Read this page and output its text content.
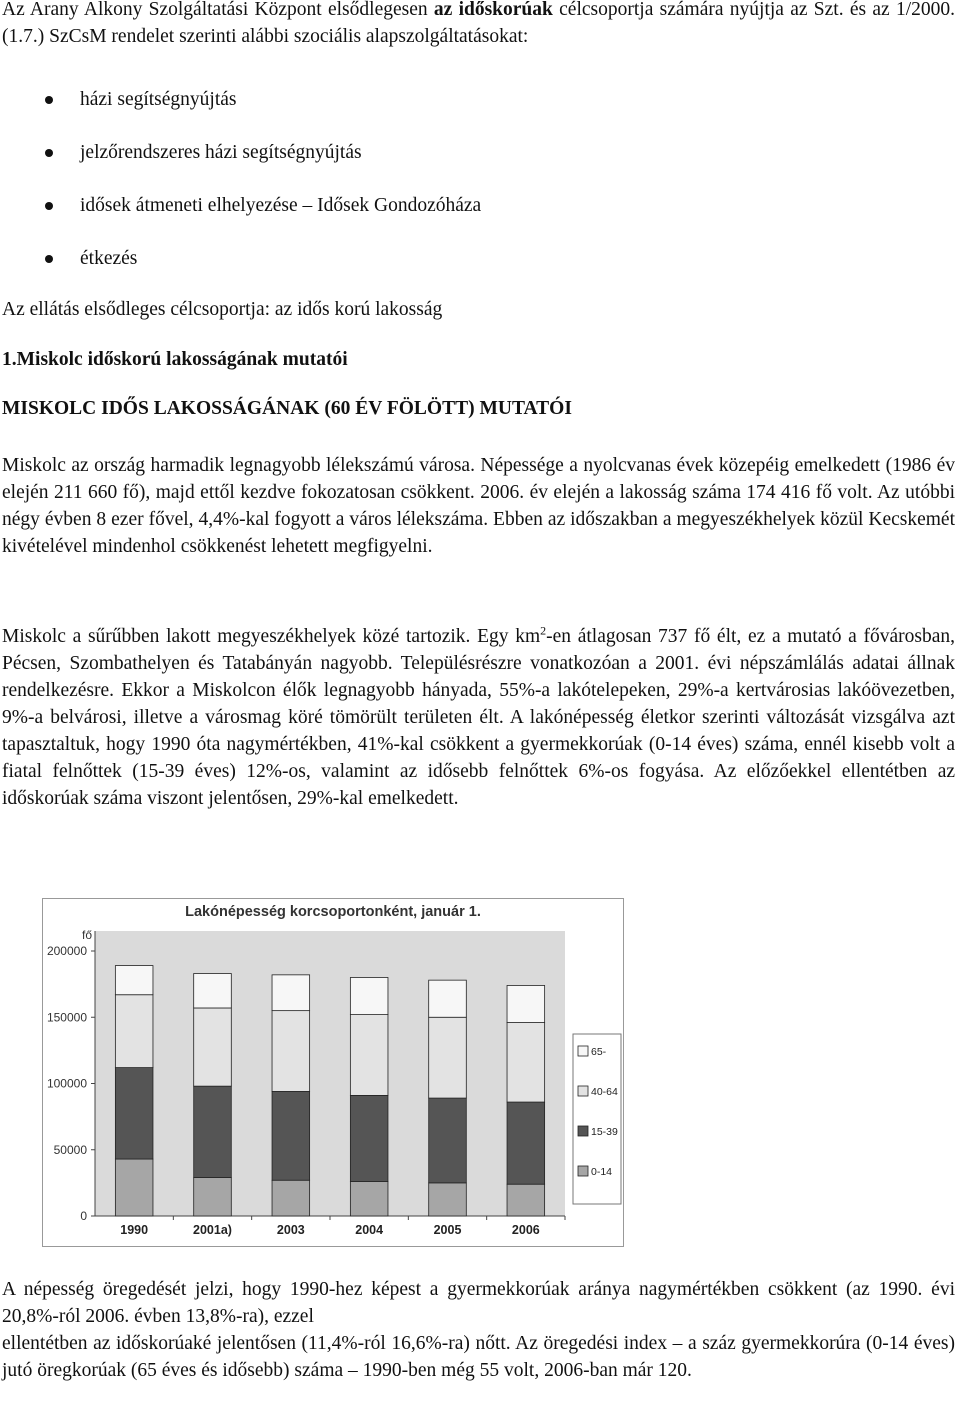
Az Arany Alkony Szolgáltatási Központ elsődlegesen az időskorúak célcsoportja számára nyújtja az Szt. és az 1/2000.(1.7.) SzCsM rendelet szerinti alábbi szociális alapszolgáltatásokat:
házi segítségnyújtás
jelzőrendszeres házi segítségnyújtás
idősek átmeneti elhelyezése – Idősek Gondozóháza
étkezés
Az ellátás elsődleges célcsoportja: az idős korú lakosság
1.Miskolc időskorú lakosságának mutatói
MISKOLC IDŐS LAKOSSÁGÁNAK (60 ÉV FÖLÖTT) MUTATÓI
Miskolc az ország harmadik legnagyobb lélekszámú városa. Népessége a nyolcvanas évek közepéig emelkedett (1986 év elején 211 660 fő), majd ettől kezdve fokozatosan csökkent. 2006. év elején a lakosság száma 174 416 fő volt. Az utóbbi négy évben 8 ezer fővel, 4,4%-kal fogyott a város lélekszáma. Ebben az időszakban a megyeszékhelyek közül Kecskemét kivételével mindenhol csökkenést lehetett megfigyelni.
Miskolc a sűrűbben lakott megyeszékhelyek közé tartozik. Egy $km^2-en$ átlagosan 737 fő élt, ez a mutató a fővárosban, Pécsen, Szombathelyen és Tatabányán nagyobb. Településrészre vonatkozóan a 2001. évi népszámlálás adatai állnak rendelkezésre. Ekkor a Miskolcon élők legnagyobb hányada, 55%-a lakótelepeken, 29%-a kertvárosias lakóövezetben, 9%-a belvárosi, illetve a városmag köré tömörült területen élt. A lakónépesség életkor szerinti változását vizsgálva azt tapasztaltuk, hogy 1990 óta nagymértékben, 41%-kal csökkent a gyermekkorúak (0-14 éves) száma, ennél kisebb volt a fiatal felnőttek (15-39 éves) 12%-os, valamint az idősebb felnőttek 6%-os fogyása. Az előzőekkel ellentétben az időskorúak száma viszont jelentősen, 29%-kal emelkedett.
Lakónépesség korcsoportonként, január 1.
fő
0
50000
100000
150000
200000
1990	2001a)	2003	2004	2005	2006
65-
40-64
15-39
0-14
A népesség öregedését jelzi, hogy 1990-hez képest a gyermekkorúak aránya nagymértékben csökkent (az 1990. évi 20,8%-ról 2006. évben 13,8%-ra), ezzel
ellentétben az időskorúaké jelentősen (11,4%-ról 16,6%-ra) nőtt. Az öregedési index – a száz gyermekkorúra (0-14 éves) jutó öregkorúak (65 éves és idősebb) száma – 1990-ben még 55 volt, 2006-ban már 120.
